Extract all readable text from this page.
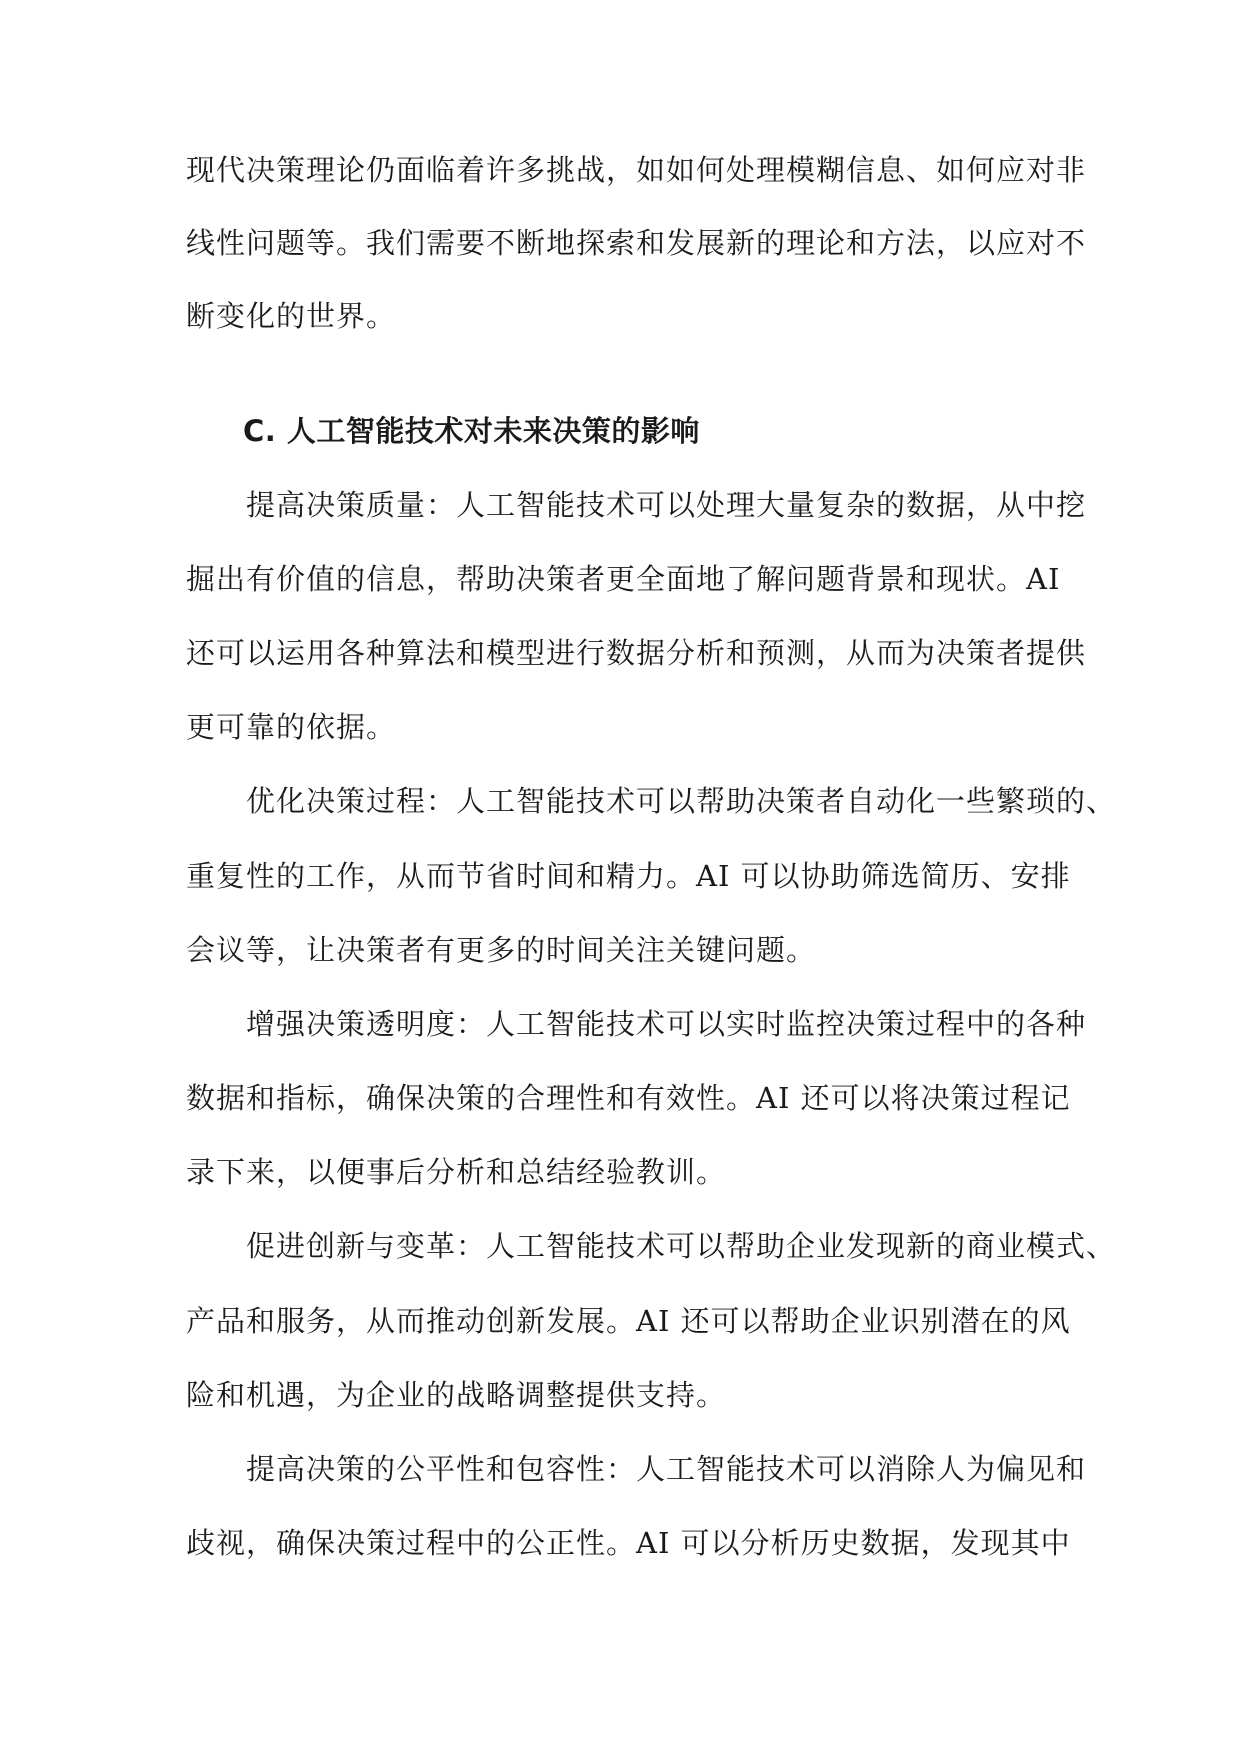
现代决策理论仍面临着许多挑战，如如何处理模糊信息、如何应对非

线性问题等。我们需要不断地探索和发展新的理论和方法，以应对不

断变化的世界。

C. 人工智能技术对未来决策的影响

提高决策质量：人工智能技术可以处理大量复杂的数据，从中挖

掘出有价值的信息，帮助决策者更全面地了解问题背景和现状。AI

还可以运用各种算法和模型进行数据分析和预测，从而为决策者提供

更可靠的依据。

优化决策过程：人工智能技术可以帮助决策者自动化一些繁琐的、

重复性的工作，从而节省时间和精力。AI 可以协助筛选简历、安排

会议等，让决策者有更多的时间关注关键问题。

增强决策透明度：人工智能技术可以实时监控决策过程中的各种

数据和指标，确保决策的合理性和有效性。AI 还可以将决策过程记

录下来，以便事后分析和总结经验教训。

促进创新与变革：人工智能技术可以帮助企业发现新的商业模式、

产品和服务，从而推动创新发展。AI 还可以帮助企业识别潜在的风

险和机遇，为企业的战略调整提供支持。

提高决策的公平性和包容性：人工智能技术可以消除人为偏见和

歧视，确保决策过程中的公正性。AI 可以分析历史数据，发现其中
